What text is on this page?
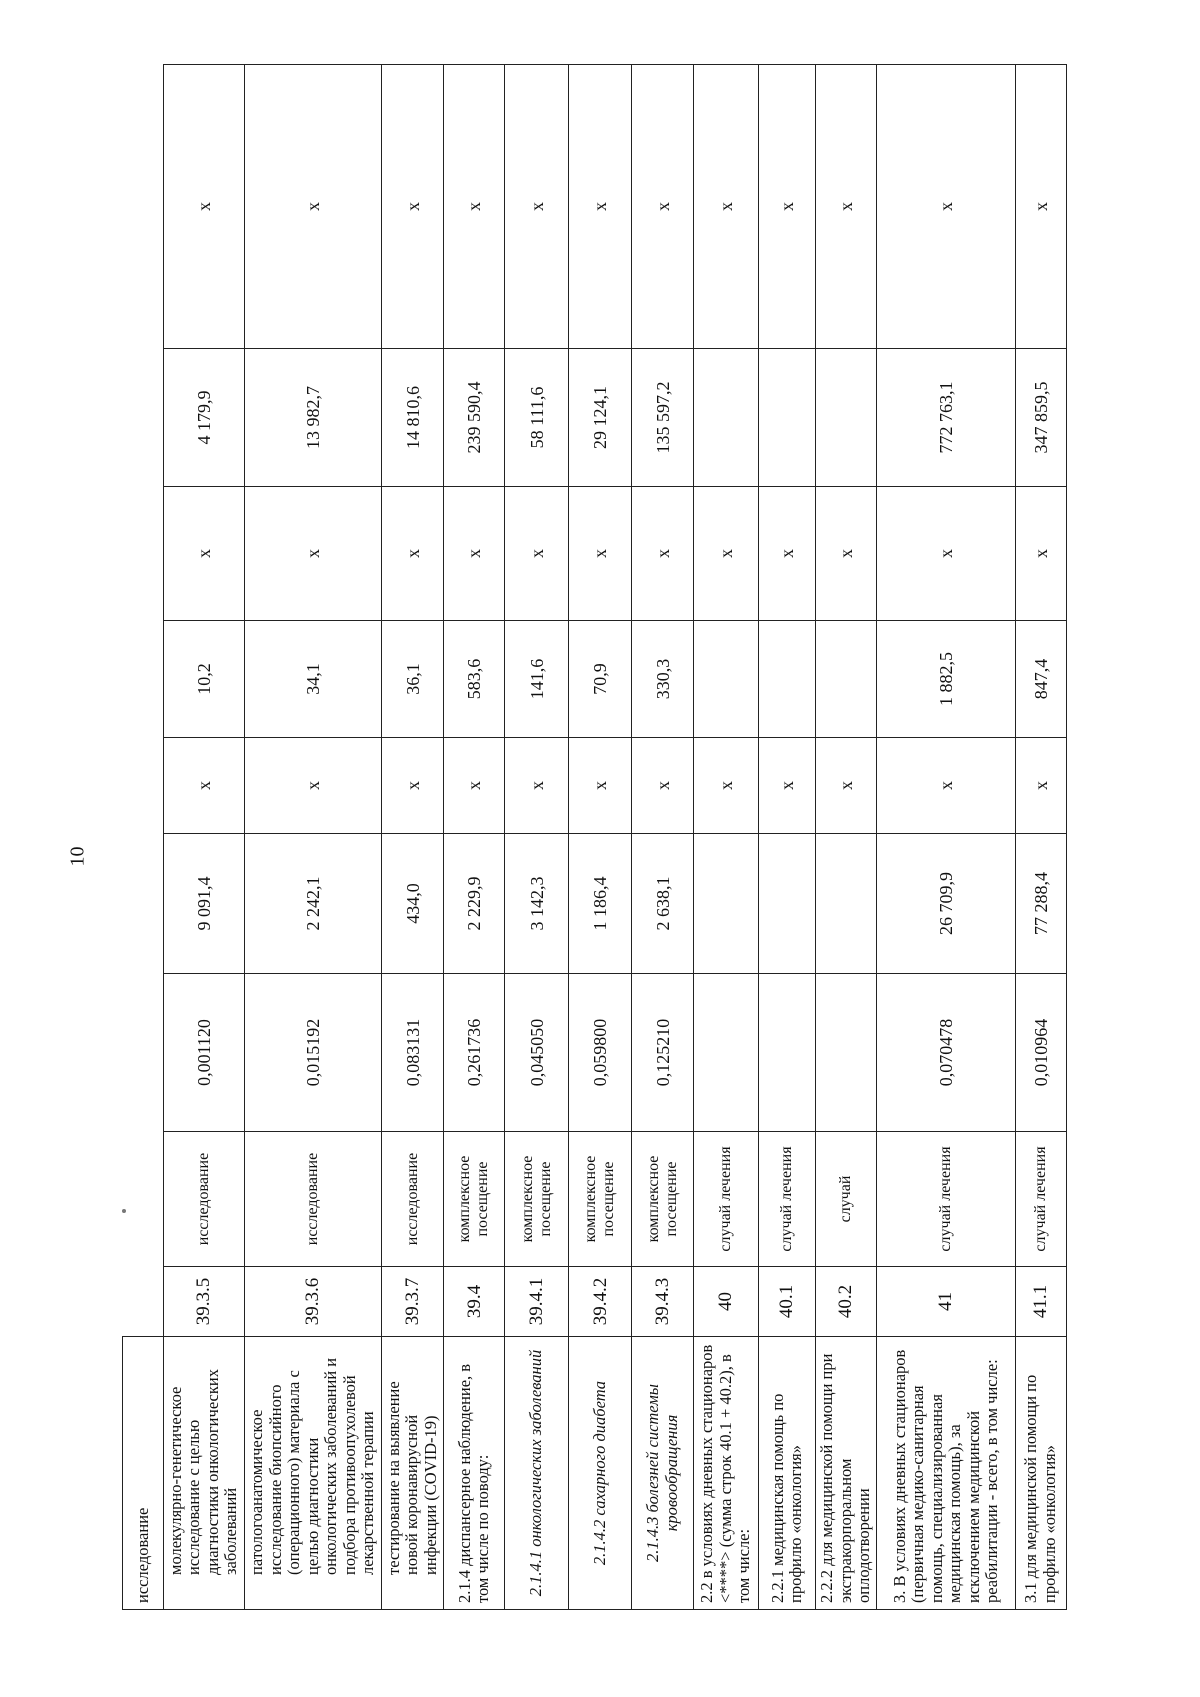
10
исследование									
молекулярно-генетическое исследование с целью диагностики онкологических заболеваний	39.3.5	исследование	0,001120	9 091,4	х	10,2	х	4 179,9	х
патологоанатомическое исследование биопсийного (операционного) материала с целью диагностики онкологических заболеваний и подбора противоопухолевой лекарственной терапии	39.3.6	исследование	0,015192	2 242,1	х	34,1	х	13 982,7	х
тестирование на выявление новой коронавирусной инфекции (COVID-19)	39.3.7	исследование	0,083131	434,0	х	36,1	х	14 810,6	х
2.1.4 диспансерное наблюдение, в том числе по поводу:	39.4	комплексное посещение	0,261736	2 229,9	х	583,6	х	239 590,4	х
2.1.4.1 онкологических заболеваний	39.4.1	комплексное посещение	0,045050	3 142,3	х	141,6	х	58 111,6	х
2.1.4.2 сахарного диабета	39.4.2	комплексное посещение	0,059800	1 186,4	х	70,9	х	29 124,1	х
2.1.4.3 болезней системы кровообращения	39.4.3	комплексное посещение	0,125210	2 638,1	х	330,3	х	135 597,2	х
2.2 в условиях дневных стационаров <****> (сумма строк 40.1 + 40.2), в том числе:	40	случай лечения			х		х		х
2.2.1 медицинская помощь по профилю «онкология»	40.1	случай лечения			х		х		х
2.2.2 для медицинской помощи при экстракорпоральном оплодотворении	40.2	случай			х		х		х
3. В условиях дневных стационаров (первичная медико-санитарная помощь, специализированная медицинская помощь), за исключением медицинской реабилитации - всего, в том числе:	41	случай лечения	0,070478	26 709,9	х	1 882,5	х	772 763,1	х
3.1 для медицинской помощи по профилю «онкология»	41.1	случай лечения	0,010964	77 288,4	х	847,4	х	347 859,5	х
